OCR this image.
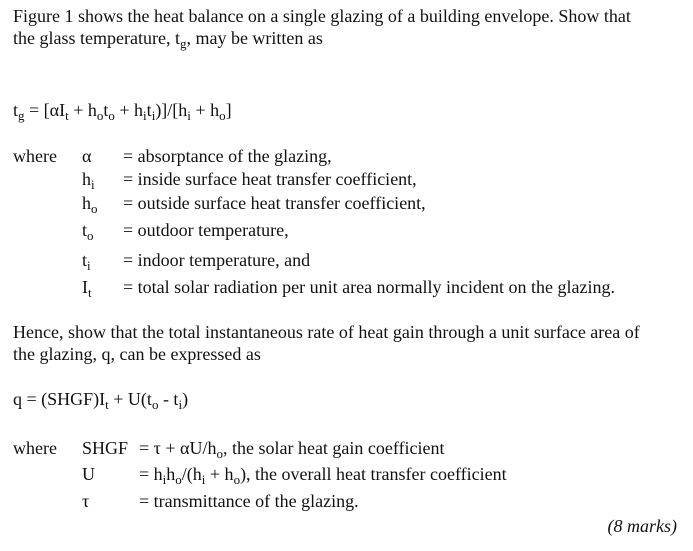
Figure 1 shows the heat balance on a single glazing of a building envelope. Show that
the glass temperature, $t_g$, may be written as
$t_g = [\alpha I_t + h_ot_o + h_it_i)]/[h_i + h_o]$
where α = absorptance of the glazing,
$h_i$ = inside surface heat transfer coefficient,
$h_o$ = outside surface heat transfer coefficient,
$t_o$ = outdoor temperature,
$t_i$ = indoor temperature, and
$I_t$ = total solar radiation per unit area normally incident on the glazing.
Hence, show that the total instantaneous rate of heat gain through a unit surface area of
the glazing, q, can be expressed as
$q = (SHGF)I_t + U(t_o - t_i)$
where SHGF = $\tau + \alpha U/h_o$, the solar heat gain coefficient
$U = h_ih_o/(h_i + h_o)$, the overall heat transfer coefficient
τ	= transmittance of the glazing.
(8 marks)
